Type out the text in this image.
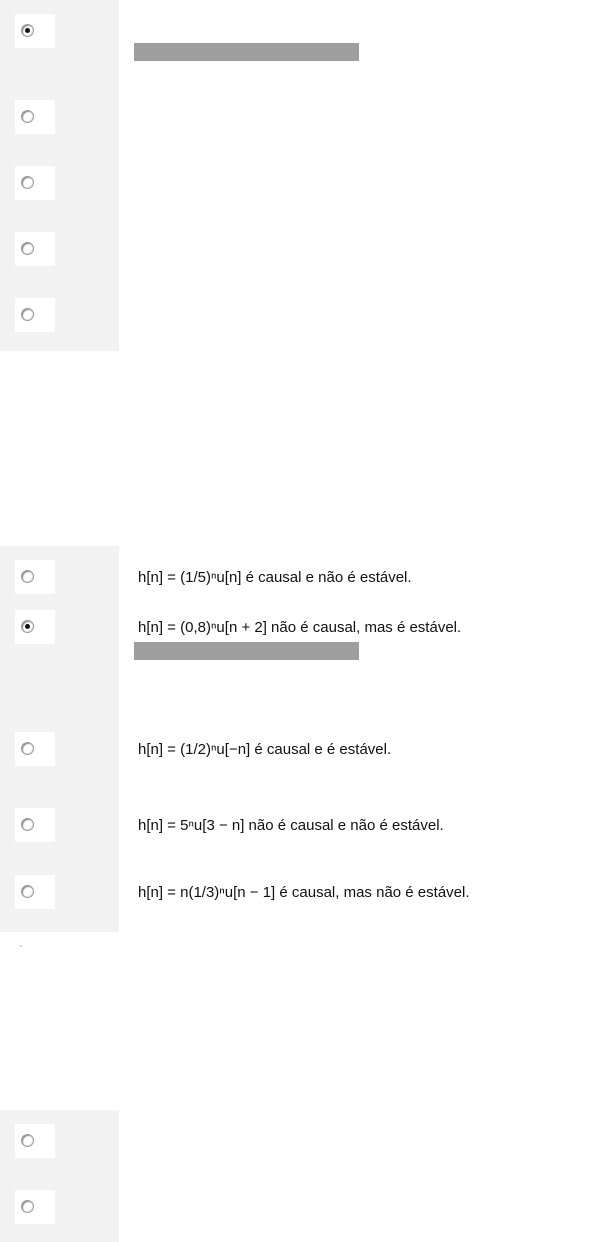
h[n] = (1/5)ⁿu[n] é causal e não é estável.
h[n] = (0,8)ⁿu[n + 2] não é causal, mas é estável.
h[n] = (1/2)ⁿu[−n] é causal e é estável.
h[n] = 5ⁿu[3 − n] não é causal e não é estável.
h[n] = n(1/3)ⁿu[n − 1] é causal, mas não é estável.
